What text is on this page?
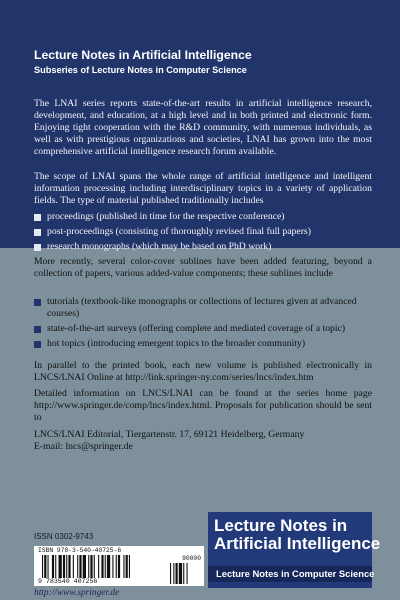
Lecture Notes in Artificial Intelligence
Subseries of Lecture Notes in Computer Science

The LNAI series reports state-of-the-art results in artificial intelligence research, development, and education, at a high level and in both printed and electronic form. Enjoying tight cooperation with the R&D community, with numerous individuals, as well as with prestigious organizations and societies, LNAI has grown into the most comprehensive artificial intelligence research forum available.

The scope of LNAI spans the whole range of artificial intelligence and intelligent information processing including interdisciplinary topics in a variety of application fields. The type of material published traditionally includes

proceedings (published in time for the respective conference)
post-proceedings (consisting of thoroughly revised final full papers)
research monographs (which may be based on PhD work)

More recently, several color-cover sublines have been added featuring, beyond a collection of papers, various added-value components; these sublines include

tutorials (textbook-like monographs or collections of lectures given at advanced courses)
state-of-the-art surveys (offering complete and mediated coverage of a topic)
hot topics (introducing emergent topics to the broader community)

In parallel to the printed book, each new volume is published electronically in LNCS/LNAI Online at http://link.springer-ny.com/series/lncs/index.htm

Detailed information on LNCS/LNAI can be found at the series home page http://www.springer.de/comp/lncs/index.html. Proposals for publication should be sent to

LNCS/LNAI Editorial, Tiergartenstr. 17, 69121 Heidelberg, Germany
E-mail: lncs@springer.de
ISSN 0302-9743
ISBN 978-3-540-40725-6
9 783540 407256
90000
http://www.springer.de
Lecture Notes in
Artificial Intelligence
Lecture Notes in Computer Science
